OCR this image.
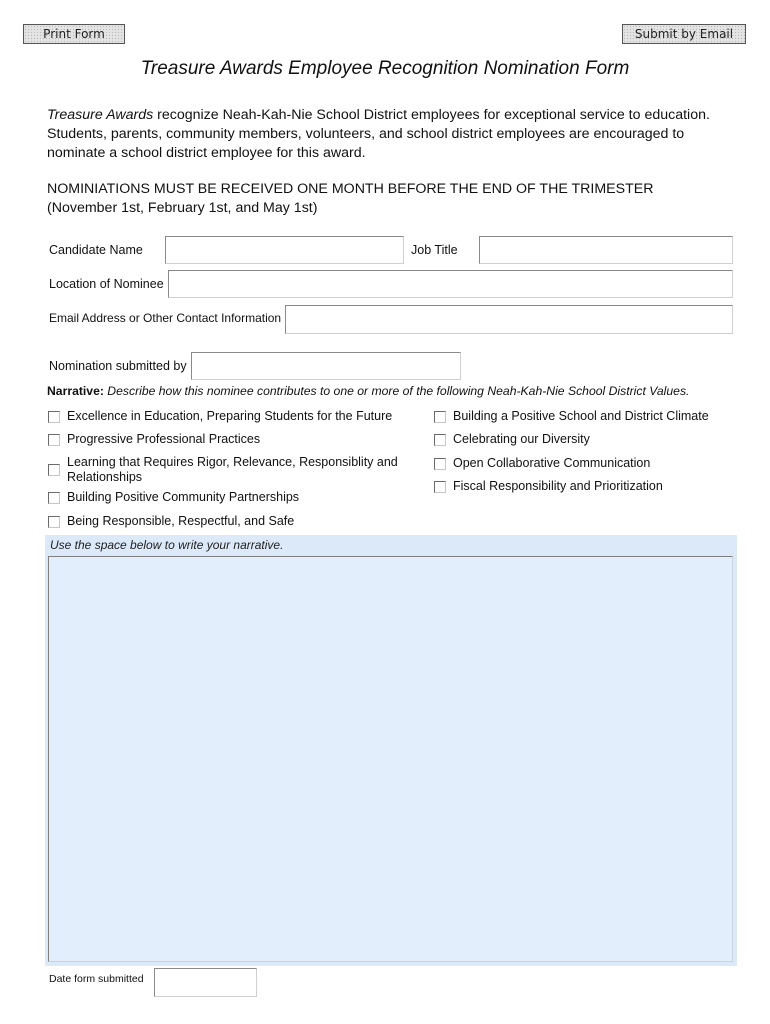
Print Form	Submit by Email
Treasure Awards Employee Recognition Nomination Form
Treasure Awards recognize Neah-Kah-Nie School District employees for exceptional service to education. Students, parents, community members, volunteers, and school district employees are encouraged to nominate a school district employee for this award.
NOMINIATIONS MUST BE RECEIVED ONE MONTH BEFORE THE END OF THE TRIMESTER
(November 1st, February 1st, and May 1st)
Candidate Name	Job Title
Location of Nominee
Email Address or Other Contact Information
Nomination submitted by
Narrative: Describe how this nominee contributes to one or more of the following Neah-Kah-Nie School District Values.
Excellence in Education, Preparing Students for the Future
Progressive Professional Practices
Learning that Requires Rigor, Relevance, Responsiblity and Relationships
Building Positive Community Partnerships
Being Responsible, Respectful, and Safe
Building a Positive School and District Climate
Celebrating our Diversity
Open Collaborative Communication
Fiscal Responsibility and Prioritization
Use the space below to write your narrative.
Date form submitted
